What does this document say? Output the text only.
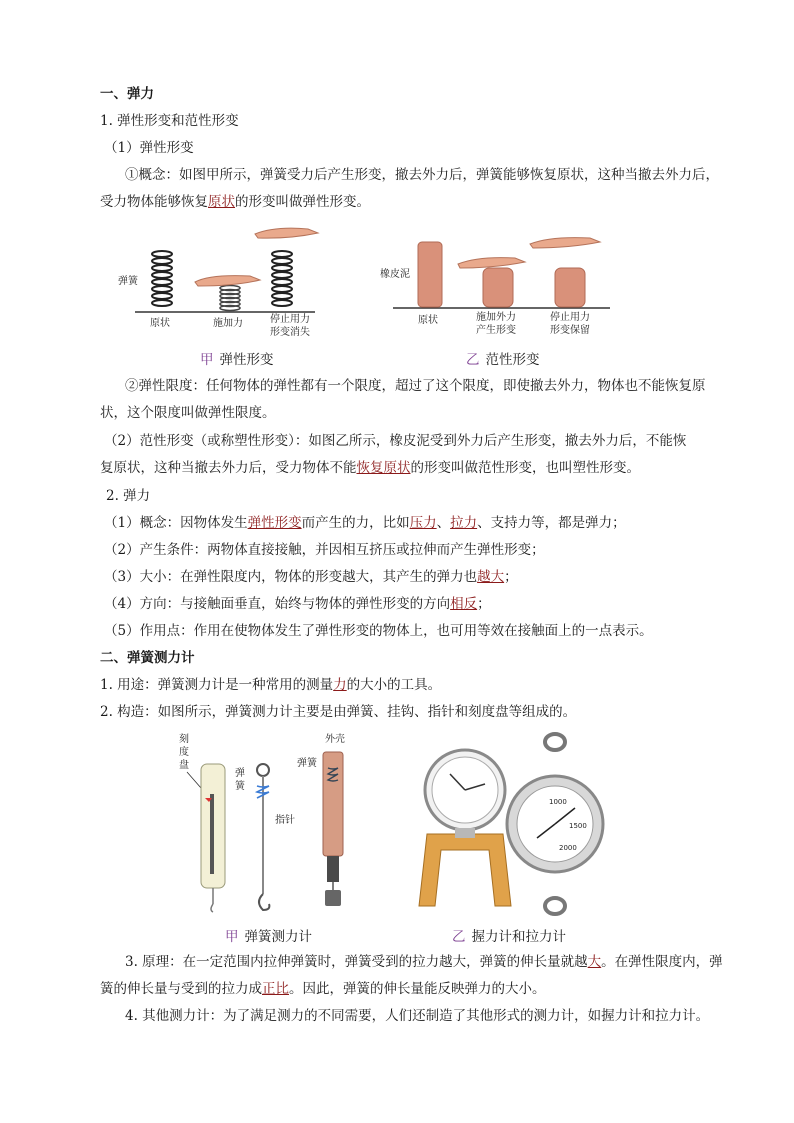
一、弹力
1. 弹性形变和范性形变
（1）弹性形变
①概念：如图甲所示，弹簧受力后产生形变，撤去外力后，弹簧能够恢复原状，这种当撤去外力后，
受力物体能够恢复原状的形变叫做弹性形变。
弹簧
原状	施加力	停止用力
形变消失
橡皮泥
原状	施加外力
产生形变
停止用力
形变保留
甲 弹性形变	乙 范性形变
②弹性限度：任何物体的弹性都有一个限度，超过了这个限度，即使撤去外力，物体也不能恢复原
状，这个限度叫做弹性限度。
（2）范性形变（或称塑性形变）：如图乙所示，橡皮泥受到外力后产生形变，撤去外力后，不能恢
复原状，这种当撤去外力后，受力物体不能恢复原状的形变叫做范性形变，也叫塑性形变。
2. 弹力
（1）概念：因物体发生弹性形变而产生的力，比如压力、拉力、支持力等，都是弹力；
（2）产生条件：两物体直接接触，并因相互挤压或拉伸而产生弹性形变；
（3）大小：在弹性限度内，物体的形变越大，其产生的弹力也越大；
（4）方向：与接触面垂直，始终与物体的弹性形变的方向相反；
（5）作用点：作用在使物体发生了弹性形变的物体上，也可用等效在接触面上的一点表示。
二、弹簧测力计
1. 用途：弹簧测力计是一种常用的测量力的大小的工具。
2. 构造：如图所示，弹簧测力计主要是由弹簧、挂钩、指针和刻度盘等组成的。
刻
度
盘
弹
簧
指针
外壳
弹簧
1000
1500
2000
甲 弹簧测力计	乙 握力计和拉力计
3. 原理：在一定范围内拉伸弹簧时，弹簧受到的拉力越大，弹簧的伸长量就越大。在弹性限度内，弹
簧的伸长量与受到的拉力成正比。因此，弹簧的伸长量能反映弹力的大小。
4. 其他测力计：为了满足测力的不同需要，人们还制造了其他形式的测力计，如握力计和拉力计。
